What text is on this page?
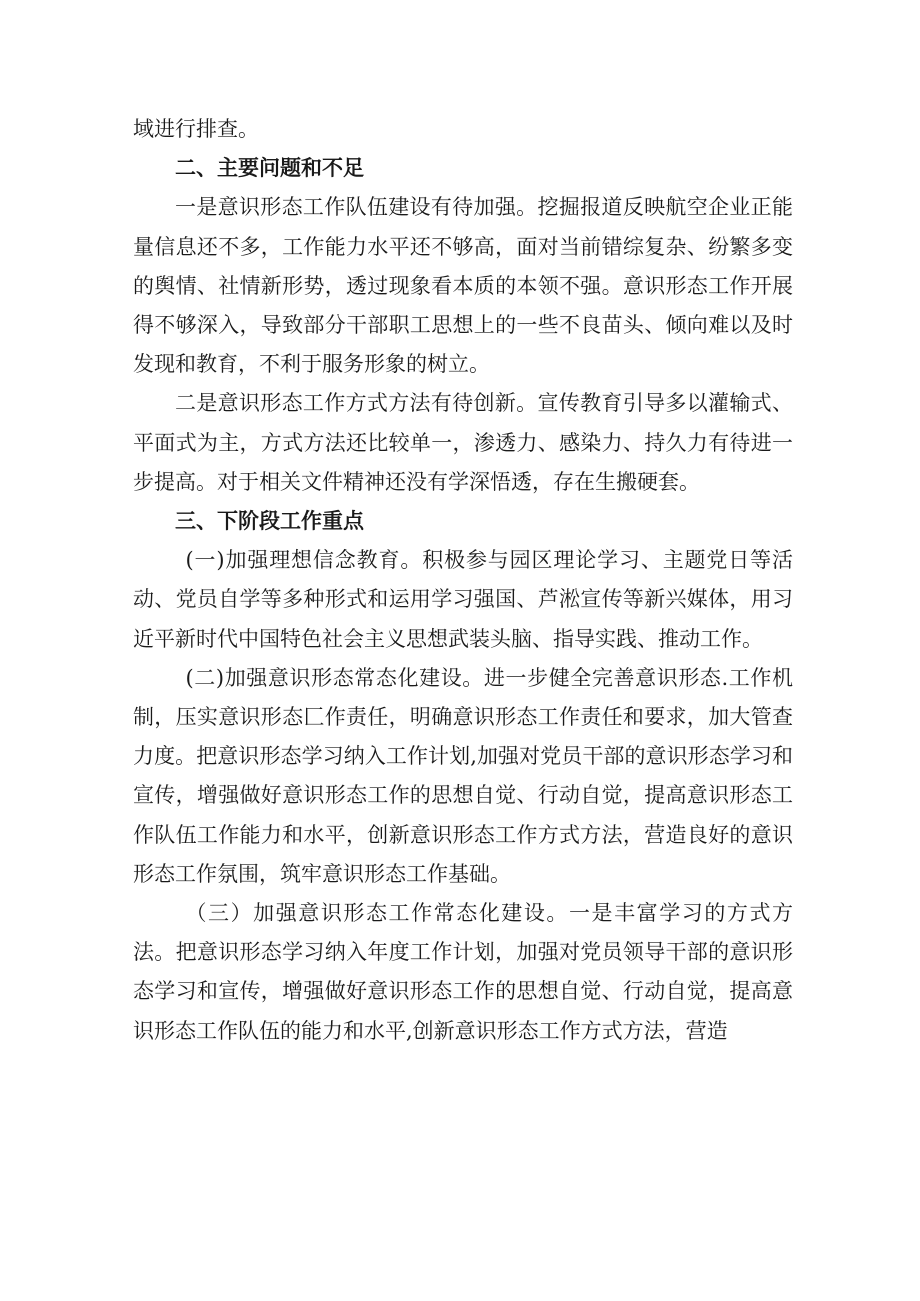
域进行排查。

二、主要问题和不足

一是意识形态工作队伍建设有待加强。挖掘报道反映航空企业正能量信息还不多，工作能力水平还不够高，面对当前错综复杂、纷繁多变的舆情、社情新形势，透过现象看本质的本领不强。意识形态工作开展得不够深入，导致部分干部职工思想上的一些不良苗头、倾向难以及时发现和教育，不利于服务形象的树立。

二是意识形态工作方式方法有待创新。宣传教育引导多以灌输式、平面式为主，方式方法还比较单一，渗透力、感染力、持久力有待进一步提高。对于相关文件精神还没有学深悟透，存在生搬硬套。

三、下阶段工作重点

(一)加强理想信念教育。积极参与园区理论学习、主题党日等活动、党员自学等多种形式和运用学习强国、芦淞宣传等新兴媒体，用习近平新时代中国特色社会主义思想武装头脑、指导实践、推动工作。

(二)加强意识形态常态化建设。进一步健全完善意识形态.工作机制，压实意识形态匚作责任，明确意识形态工作责任和要求，加大管查力度。把意识形态学习纳入工作计划,加强对党员干部的意识形态学习和宣传，增强做好意识形态工作的思想自觉、行动自觉，提高意识形态工作队伍工作能力和水平，创新意识形态工作方式方法，营造良好的意识形态工作氛围，筑牢意识形态工作基础。

（三）加强意识形态工作常态化建设。一是丰富学习的方式方法。把意识形态学习纳入年度工作计划，加强对党员领导干部的意识形态学习和宣传，增强做好意识形态工作的思想自觉、行动自觉，提高意识形态工作队伍的能力和水平,创新意识形态工作方式方法，营造
